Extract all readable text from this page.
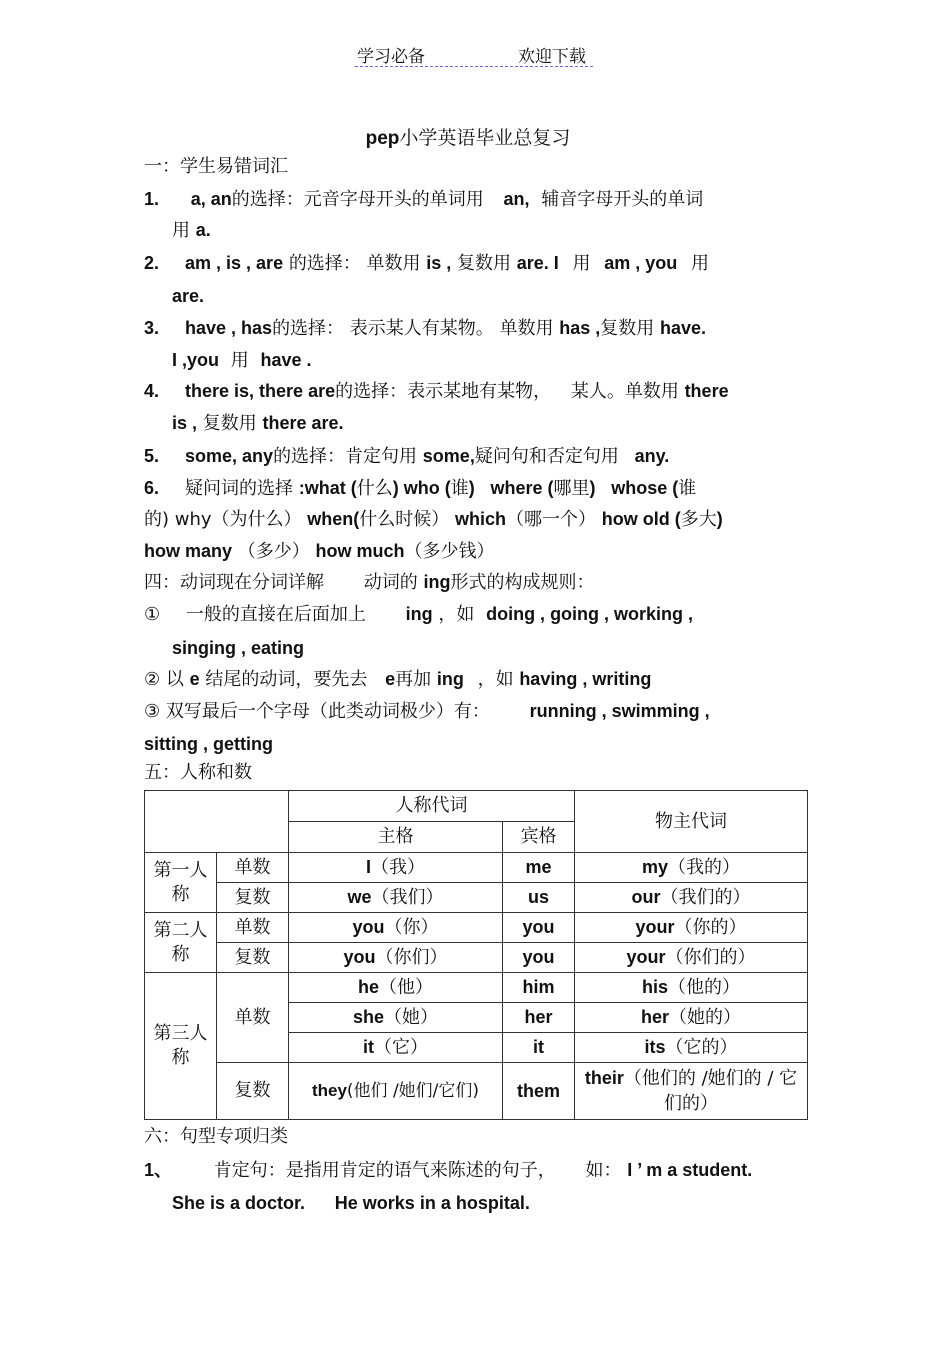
学习必备	欢迎下载
pep小学英语毕业总复习
一：学生易错词汇
1. a, an的选择：元音字母开头的单词用 an, 辅音字母开头的单词
用 a.
2. am , is , are 的选择： 单数用 is , 复数用 are. I 用 am , you 用
are.
3. have , has的选择： 表示某人有某物。 单数用 has ,复数用 have.
I ,you 用 have .
4. there is, there are的选择：表示某地有某物， 某人。单数用 there
is , 复数用 there are.
5. some, any的选择：肯定句用 some,疑问句和否定句用 any.
6. 疑问词的选择 :what (什么) who (谁) where (哪里) whose (谁
的) why（为什么） when(什么时候） which（哪一个） how old (多大)
how many （多少） how much（多少钱）
四：动词现在分词详解 动词的 ing形式的构成规则：
① 一般的直接在后面加上 ing ，如 doing , going , working ,
singing , eating
② 以 e 结尾的动词，要先去 e再加 ing ，如 having , writing
③ 双写最后一个字母（此类动词极少）有： running , swimming ,
sitting , getting
五：人称和数
		人称代词		物主代词
		主格	宾格	
第一人称	单数	I（我）	me	my（我的）
	复数	we（我们）	us	our（我们的）
第二人称	单数	you（你）	you	your（你的）
	复数	you（你们）	you	your（你们的）
第三人称	单数	he（他）	him	his（他的）
		she（她）	her	her（她的）
		it（它）	it	its（它的）
	复数	they(他们 /她们/它们)	them	their（他们的 /她们的 / 它们的）
六：句型专项归类
1、 肯定句：是指用肯定的语气来陈述的句子， 如： I ’ m a student.
She is a doctor. He works in a hospital.
